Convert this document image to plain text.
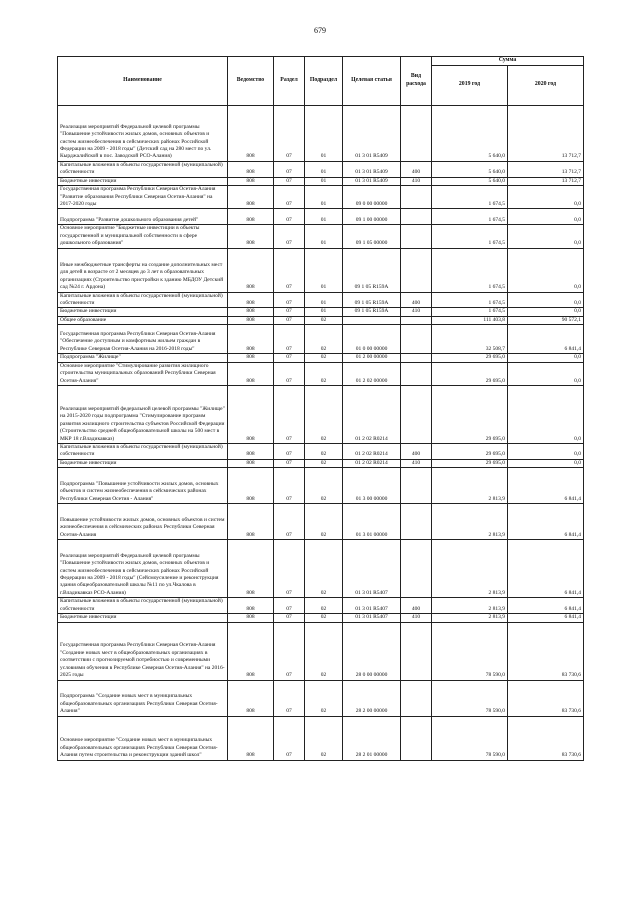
679
Наименование	Ведомство	Раздел	Подраздел	Целевая статья	Вид расхода	Сумма	
						2019 год	2020 год
Реализация мероприятий Федеральной целевой программы "Повышение устойчивости жилых домов, основных объектов и систем жизнеобеспечения в сейсмических районах Российской Федерации на 2009 - 2018 годы" (Детский сад на 280 мест по ул. Кырджалийской в пос. Заводской РСО-Алания)	808	07	01	01 3 01 R5409		5 640,0	13 712,7
Капитальные вложения в объекты государственной (муниципальной) собственности	808	07	01	01 3 01 R5409	400	5 640,0	13 712,7
Бюджетные инвестиции	808	07	01	01 3 01 R5409	410	5 640,0	13 712,7
Государственная программа Республики Северная Осетия-Алания "Развитие образования Республики Северная Осетия-Алания" на 2017-2020 годы	808	07	01	09 0 00 00000		1 674,5	0,0
Подпрограмма "Развитие дошкольного образования детей"	808	07	01	09 1 00 00000		1 674,5	0,0
Основное мероприятие "Бюджетные инвестиции в объекты государственной и муниципальной собственности в сфере дошкольного образования"	808	07	01	09 1 05 00000		1 674,5	0,0
Иные межбюджетные трансферты на создание дополнительных мест для детей в возрасте от 2 месяцев до 3 лет в образовательных организациях (Строительство пристройки к зданию МБДОУ Детский сад №24 г. Ардона)	808	07	01	09 1 05 R159A		1 674,5	0,0
Капитальные вложения в объекты государственной (муниципальной) собственности	808	07	01	09 1 05 R159A	400	1 674,5	0,0
Бюджетные инвестиции	808	07	01	09 1 05 R159A	410	1 674,5	0,0
Общее образование	808	07	02			111 403,8	90 572,1
Государственная программа Республики Северная Осетия-Алания "Обеспечение доступным и комфортным жильем граждан в Республике Северная Осетия-Алания на 2016-2018 годы"	808	07	02	01 0 00 00000		32 508,7	6 841,4
Подпрограмма "Жилище"	808	07	02	01 2 00 00000		29 695,0	0,0
Основное мероприятие "Стимулирование развития жилищного строительства муниципальных образований Республики Северная Осетия-Алания"	808	07	02	01 2 02 00000		29 695,0	0,0
Реализация мероприятий федеральной целевой программы "Жилище" на 2015-2020 годы подпрограмма "Стимулирование программ развития жилищного строительства субъектов Российской Федерации (Строительство средней общеобразовательной школы на 500 мест в МКР 18 г.Владикавказ)	808	07	02	01 2 02 R0214		29 695,0	0,0
Капитальные вложения в объекты государственной (муниципальной) собственности	808	07	02	01 2 02 R0214	400	29 695,0	0,0
Бюджетные инвестиции	808	07	02	01 2 02 R0214	410	29 695,0	0,0
Подпрограмма "Повышение устойчивости жилых домов, основных объектов и систем жизнеобеспечения в сейсмических районах Республики Северная Осетия - Алания"	808	07	02	01 3 00 00000		2 813,9	6 841,4
Повышение устойчивости жилых домов, основных объектов и систем жизнеобеспечения в сейсмических районах Республики Северная Осетия-Алания	808	07	02	01 3 01 00000		2 813,9	6 841,4
Реализация мероприятий Федеральной целевой программы "Повышение устойчивости жилых домов, основных объектов и систем жизнеобеспечения в сейсмических районах Российской Федерации на 2009 - 2018 годы" (Сейсмоусиление и реконструкция здания общеобразовательной школы №11 по ул.Чкалова в г.Владикавказ РСО-Алания)	808	07	02	01 3 01 R5407		2 813,9	6 841,4
Капитальные вложения в объекты государственной (муниципальной) собственности	808	07	02	01 3 01 R5407	400	2 813,9	6 841,4
Бюджетные инвестиции	808	07	02	01 3 01 R5407	410	2 813,9	6 841,4
Государственная программа Республики Северная Осетия-Алания "Создание новых мест в общеобразовательных организациях в соответствии с прогнозируемой потребностью и современными условиями обучения в Республике Северная Осетия-Алания" на 2016-2025 годы	808	07	02	28 0 00 00000		78 590,0	83 730,6
Подпрограмма "Создание новых мест в муниципальных общеобразовательных организациях Республики Северная Осетия-Алания"	808	07	02	28 2 00 00000		78 590,0	83 730,6
Основное мероприятие "Создание новых мест в муниципальных общеобразовательных организациях Республики Северная Осетия-Алания путем строительства и реконструкции зданий школ"	808	07	02	28 2 01 00000		78 590,0	83 730,6
